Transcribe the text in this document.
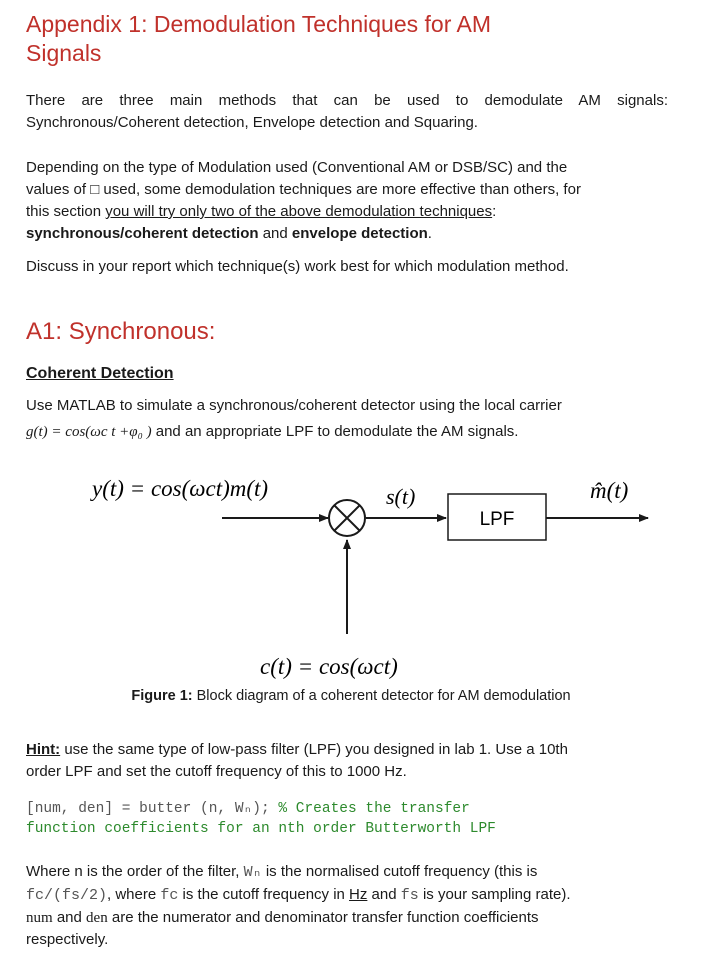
Appendix 1: Demodulation Techniques for AM
Signals

There are three main methods that can be used to demodulate AM signals: Synchronous/Coherent detection, Envelope detection and Squaring.

Depending on the type of Modulation used (Conventional AM or DSB/SC) and the

values of □ used, some demodulation techniques are more effective than others, for

this section you will try only two of the above demodulation techniques:

synchronous/coherent detection and envelope detection.

Discuss in your report which technique(s) work best for which modulation method.

A1: Synchronous:
Coherent Detection

Use MATLAB to simulate a synchronous/coherent detector using the local carrier

g(t) = cos(ωc t +φ₀ ) and an appropriate LPF to demodulate the AM signals.

y(t) = cos(ωct)m(t)	s(t)
LPF
m̂(t)
c(t) = cos(ωct)

Figure 1: Block diagram of a coherent detector for AM demodulation

Hint: use the same type of low-pass filter (LPF) you designed in lab 1. Use a 10th

order LPF and set the cutoff frequency of this to 1000 Hz.

[num, den] = butter (n, Wₙ); % Creates the transfer
function coefficients for an nth order Butterworth LPF

Where n is the order of the filter, Wₙ is the normalised cutoff frequency (this is

fc/(fs/2), where fᴄ is the cutoff frequency in Hz and fs is your sampling rate).

num and den are the numerator and denominator transfer function coefficients

respectively.
